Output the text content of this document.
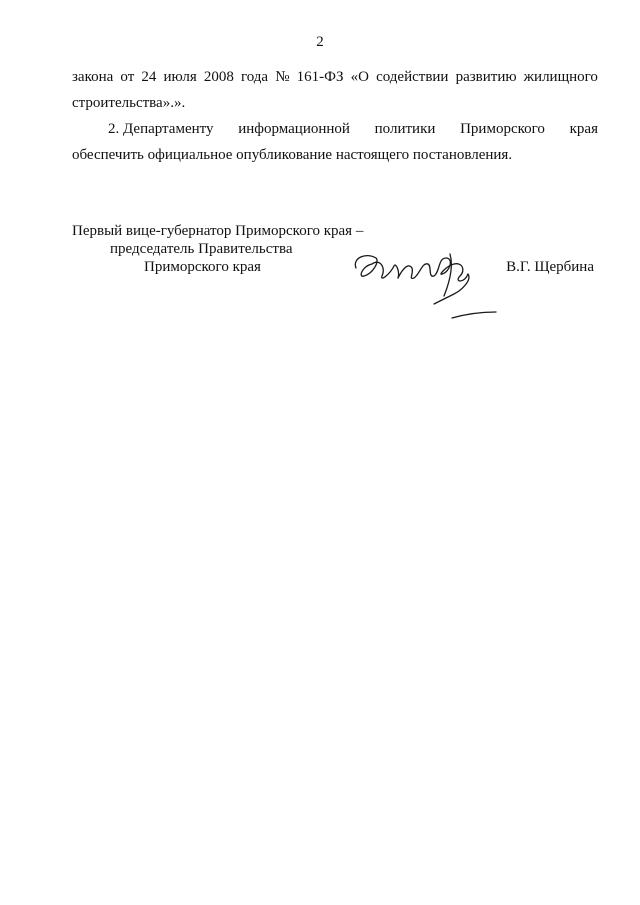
2
закона от 24 июля 2008 года № 161-ФЗ «О содействии развитию жилищного
строительства».».
2. Департаменту информационной политики Приморского края
обеспечить официальное опубликование настоящего постановления.
Первый вице-губернатор Приморского края –
председатель Правительства
Приморского края	В.Г. Щербина
